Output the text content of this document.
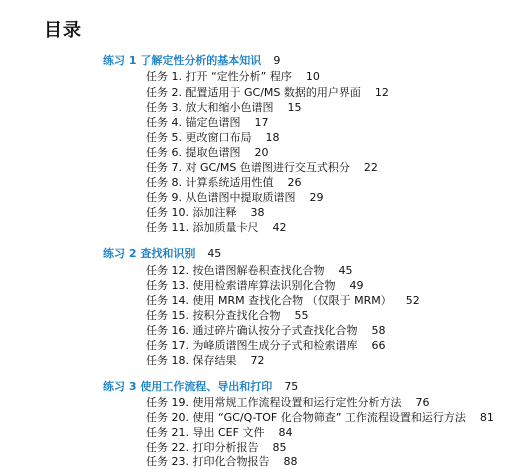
目录
练习 1 了解定性分析的基本知识 9
任务 1. 打开 “定性分析” 程序 10
任务 2. 配置适用于 GC/MS 数据的用户界面 12
任务 3. 放大和缩小色谱图 15
任务 4. 锚定色谱图 17
任务 5. 更改窗口布局 18
任务 6. 提取色谱图 20
任务 7. 对 GC/MS 色谱图进行交互式积分 22
任务 8. 计算系统适用性值 26
任务 9. 从色谱图中提取质谱图 29
任务 10. 添加注释 38
任务 11. 添加质量卡尺 42
练习 2 查找和识别 45
任务 12. 按色谱图解卷积查找化合物 45
任务 13. 使用检索谱库算法识别化合物 49
任务 14. 使用 MRM 查找化合物 （仅限于 MRM） 52
任务 15. 按积分查找化合物 55
任务 16. 通过碎片确认按分子式查找化合物 58
任务 17. 为峰质谱图生成分子式和检索谱库 66
任务 18. 保存结果 72
练习 3 使用工作流程、导出和打印 75
任务 19. 使用常规工作流程设置和运行定性分析方法 76
任务 20. 使用 “GC/Q-TOF 化合物筛查” 工作流程设置和运行方法 81
任务 21. 导出 CEF 文件 84
任务 22. 打印分析报告 85
任务 23. 打印化合物报告 88
